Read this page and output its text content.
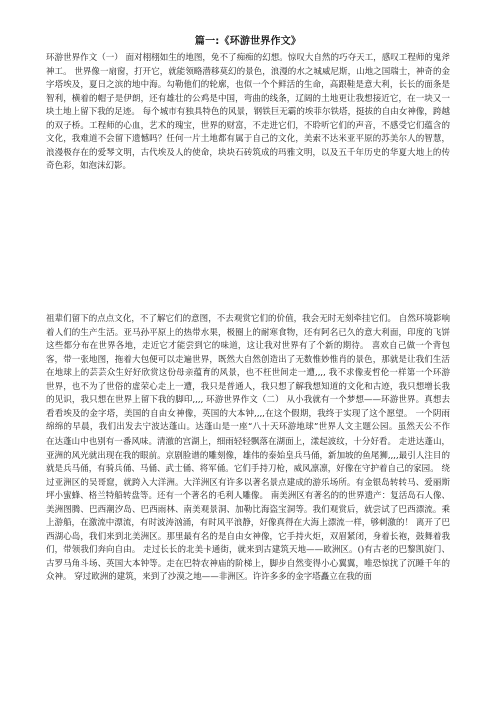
篇一:《环游世界作文》

环游世界作文（一） 面对栩栩如生的地图，免不了痴痴的幻想。惊叹大自然的巧夺天工，感叹工程师的鬼斧神工。 世界像一扇窗，打开它，就能领略潜移莫幻的景色，浪漫的水之城威尼斯，山地之国瑞士，神奇的金字塔埃及，夏日之滨的地中海。勾勒他们的轮廓，也似一个个鲜活的生命，高跟鞋是意大利，长长的面条是智利，横着的帽子是伊朗，还有雄壮的公鸡是中国，弯曲的线条，辽阔的土地更让我想接近它，在一块又一块土地上留下我的足迹。 每个城市有独具特色的风景，钢铁巨无霸的埃菲尔铁塔，挺拔的自由女神像，跨越的双子桥。工程师的心血，艺术的瑰宝，世界的财富，不走进它们，不聆听它们的声音，不感受它们蕴含的文化，我难道不会留下遗憾吗？任何一片土地都有属于自己的文化，美索不达米亚平原的苏美尔人的智慧，浪漫极存在的爱琴文明，古代埃及人的使命，块块石砖筑成的玛雅文明，以及五千年历史的华夏大地上的传奇色彩，如泡沫幻影。

祖辈们留下的点点文化，不了解它们的意图，不去观赏它们的价值，我会无时无刻牵挂它们。 自然环境影响着人们的生产生活。亚马孙平原上的热带水果，极圈上的耐寒食物，还有阿名已久的意大利面，印度的飞饼这些都分布在世界各地，走近它才能尝到它的味道，这让我对世界有了个新的期待。 喜欢自己做一个背包客，带一张地图，拖着大包便可以走遍世界，既然大自然创造出了无数惟妙惟肖的景色，那就是让我们生活在地球上的芸芸众生好好欣赏这份母亲蕴育的风景，也不枉世间走一遭,,,, 我不求像麦哲伦一样第一个环游世界，也不为了世俗的虚荣心走上一遭，我只是普通人，我只想了解我想知道的文化和古迹，我只想增长我的见识，我只想在世界上留下我的脚印,,,, 环游世界作文（二） 从小我就有一个梦想——环游世界。真想去看看埃及的金字塔，美国的自由女神像，英国的大本钟,,,,在这个假期，我终于实现了这个愿望。 一个阴雨绵绵的早晨，我们出发去宁波达蓬山。达蓬山是一座“八十天环游地球”世界人文主题公园。虽然天公不作

在达蓬山中也别有一番风味。清澈的宫湖上，细雨轻轻飘落在湖面上，漾起波纹，十分好看。 走进达蓬山，亚洲的风光就出现在我的眼前。京剧脸谱的雕刻像，雄伟的泰始皇兵马俑，新加坡的鱼尾狮,,,,最引人注目的就是兵马俑，有骑兵俑、马俑、武士俑、将军俑。它们手持刀枪，威风凛凛，好像在守护着自己的家园。 绕过亚洲区的吴哥窟，就跨入大洋洲。大洋洲区有许多以著名景点建成的游乐场所。有金银岛转转马、爱丽斯坪小蜜蜂、格兰特船转盘等。还有一个著名的毛利人雕像。 南美洲区有著名的的世界遗产：复活岛石人像、美洲图腾、巴西潮汐岛、巴西雨林、南美观景洞、加勒比海盗宝洞等。我们观赏后，就尝试了巴西漂流。乘上游船，在激流中漂流，有时波涛汹涌，有时风平浪静，好像真得在大海上漂流一样，够刺激的！ 离开了巴西湖心岛，我们来到北美洲区。那里最有名的是自由女神像，它手持火炬，双眉紧闭，身着长袍，鼓舞着我们，带领我们奔向自由。 走过长长的北美卡通街，就来到古建筑天地——欧洲区。()有古老的巴黎凯旋门、古罗马角斗场、英国大本钟等。走在巴特农神庙的阶梯上，脚步自然变得小心翼翼，唯恐惊扰了沉睡千年的众神。 穿过欧洲的建筑，来到了沙漠之地——非洲区。许许多多的金字塔矗立在我的面
